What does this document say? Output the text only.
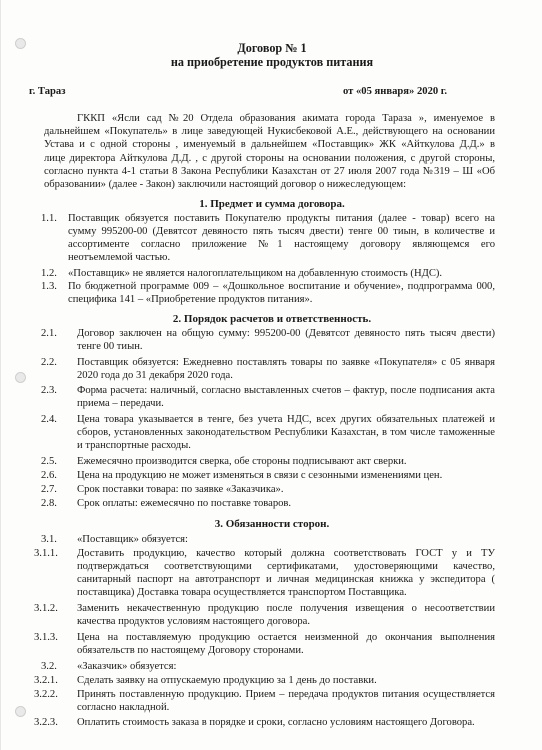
Договор № 1
на приобретение продуктов питания
г. Тараз	от «05 января» 2020 г.
ГККП «Ясли сад №20 Отдела образования акимата города Тараза », именуемое в
дальнейшем «Покупатель» в лице заведующей Нукисбековой А.Е., действующего на основании
Устава и с одной стороны , именуемый в дальнейшем «Поставщик» ЖК «Айткулова Д.Д.» в
лице директора Айткулова Д.Д. , с другой стороны на основании положения, с другой стороны,
согласно пункта 4-1 статьи 8 Закона Республики Казахстан от 27 июля 2007 года №319 – Ш «Об
образовании» (далее - Закон) заключили настоящий договор о нижеследующем:
1. Предмет и сумма договора.
1.1. Поставщик обязуется поставить Покупателю продукты питания (далее - товар) всего на
сумму 995200-00 (Девятсот девяносто пять тысяч двести) тенге 00 тиын, в количестве и
ассортименте согласно приложение №1 настоящему договору являющемся его
неотъемлемой частью.
1.2. «Поставщик» не является налогоплательщиком на добавленную стоимость (НДС).
1.3. По бюджетной программе 009 – «Дошкольное воспитание и обучение», подпрограмма 000,
специфика 141 – «Приобретение продуктов питания».
2. Порядок расчетов и ответственность.
2.1. Договор заключен на общую сумму: 995200-00 (Девятсот девяносто пять тысяч двести)
тенге 00 тиын.
2.2. Поставщик обязуется: Ежедневно поставлять товары по заявке «Покупателя» с 05 января
2020 года до 31 декабря 2020 года.
2.3. Форма расчета: наличный, согласно выставленных счетов – фактур, после подписания акта
приема – передачи.
2.4. Цена товара указывается в тенге, без учета НДС, всех других обязательных платежей и
сборов, установленных законодательством Республики Казахстан, в том числе таможенные
и транспортные расходы.
2.5. Ежемесячно производится сверка, обе стороны подписывают акт сверки.
2.6. Цена на продукцию не может изменяться в связи с сезонными изменениями цен.
2.7. Срок поставки товара: по заявке «Заказчика».
2.8. Срок оплаты: ежемесячно по поставке товаров.
3. Обязанности сторон.
3.1. «Поставщик» обязуется:
3.1.1. Доставить продукцию, качество который должна соответствовать ГОСТ у и ТУ
подтверждаться соответствующими сертификатами, удостоверяющими качество,
санитарный паспорт на автотранспорт и личная медицинская книжка у экспедитора (
поставщика) Доставка товара осуществляется транспортом Поставщика.
3.1.2. Заменить некачественную продукцию после получения извещения о несоответствии
качества продуктов условиям настоящего договора.
3.1.3. Цена на поставляемую продукцию остается неизменной до окончания выполнения
обязательств по настоящему Договору сторонами.
3.2. «Заказчик» обязуется:
3.2.1. Сделать заявку на отпускаемую продукцию за 1 день до поставки.
3.2.2. Принять поставленную продукцию. Прием – передача продуктов питания осуществляется
согласно накладной.
3.2.3. Оплатить стоимость заказа в порядке и сроки, согласно условиям настоящего Договора.
